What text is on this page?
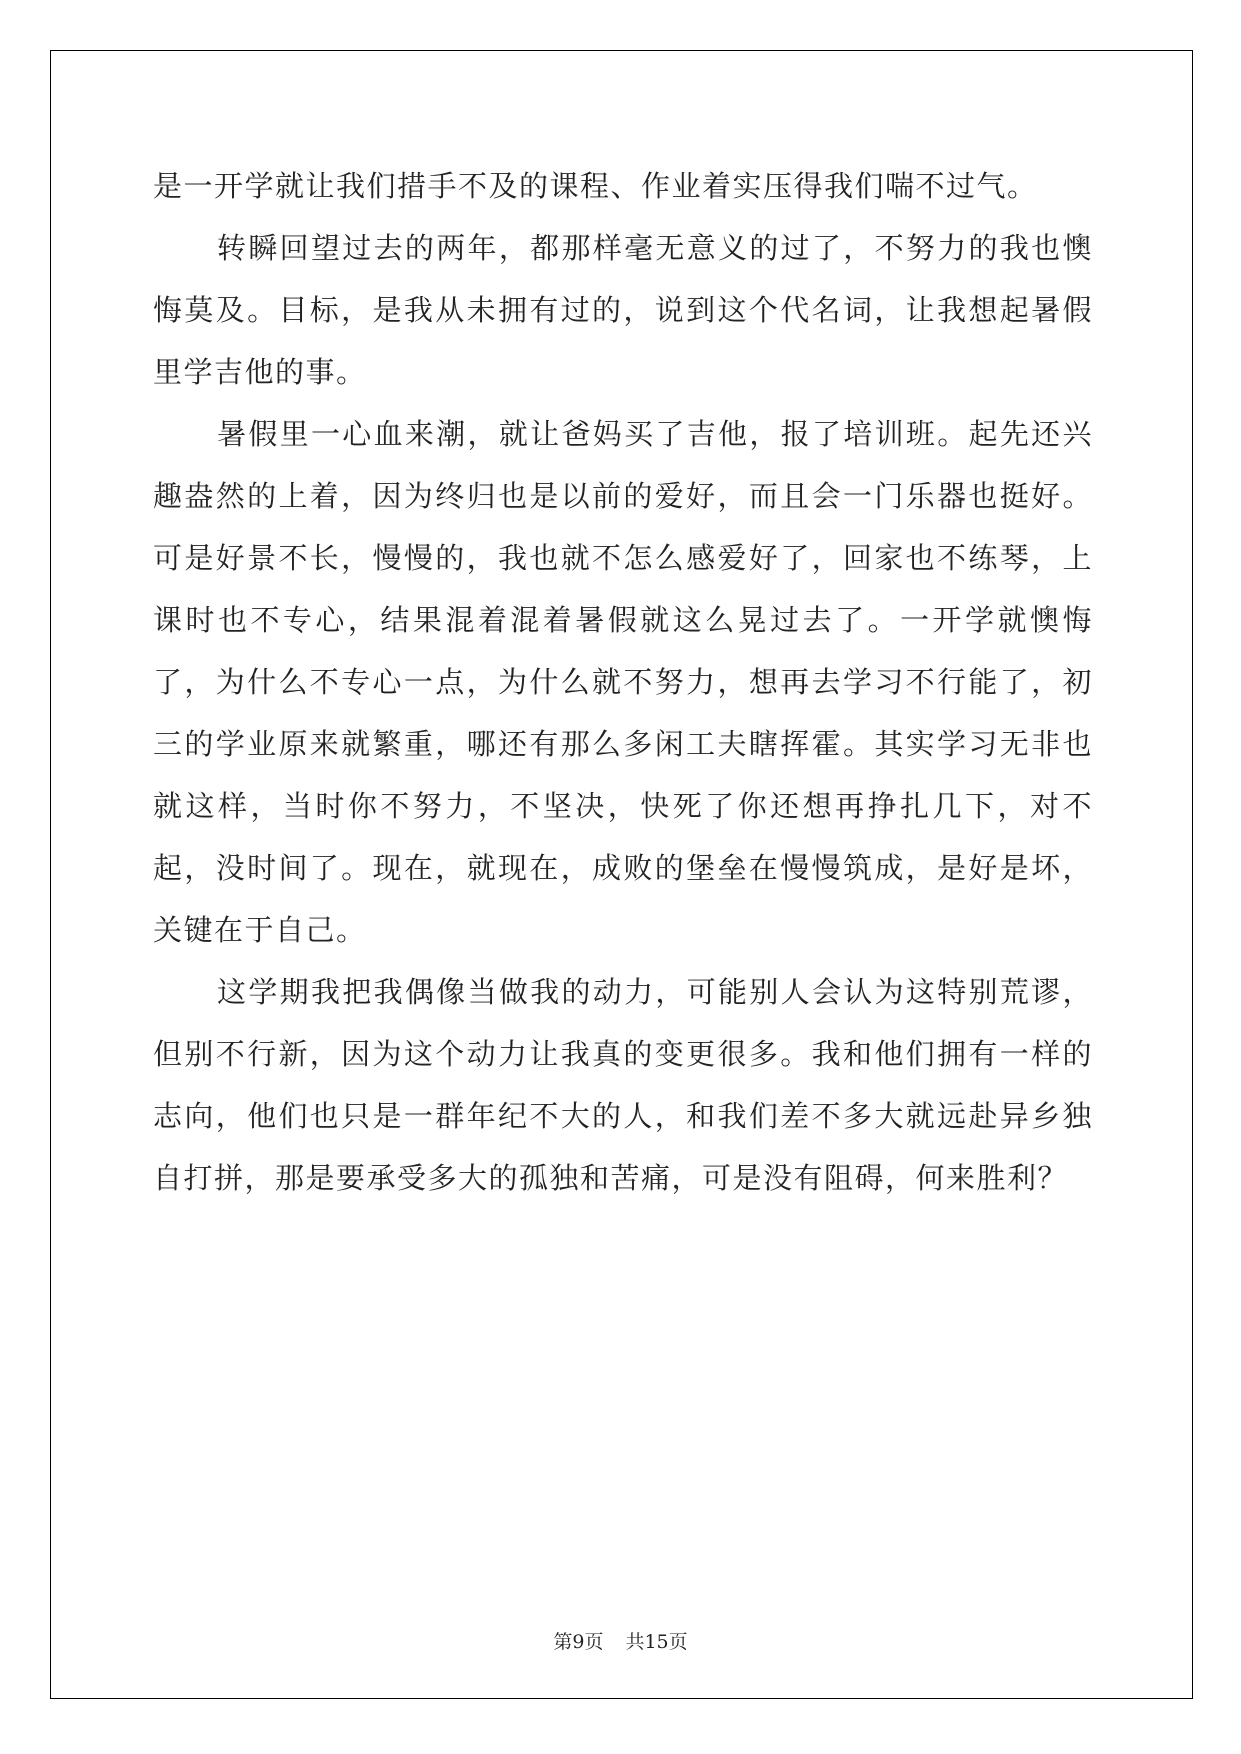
是一开学就让我们措手不及的课程、作业着实压得我们喘不过气。

转瞬回望过去的两年，都那样毫无意义的过了，不努力的我也懊悔莫及。目标，是我从未拥有过的，说到这个代名词，让我想起暑假里学吉他的事。

暑假里一心血来潮，就让爸妈买了吉他，报了培训班。起先还兴趣盎然的上着，因为终归也是以前的爱好，而且会一门乐器也挺好。可是好景不长，慢慢的，我也就不怎么感爱好了，回家也不练琴，上课时也不专心，结果混着混着暑假就这么晃过去了。一开学就懊悔了，为什么不专心一点，为什么就不努力，想再去学习不行能了，初三的学业原来就繁重，哪还有那么多闲工夫瞎挥霍。其实学习无非也就这样，当时你不努力，不坚决，快死了你还想再挣扎几下，对不起，没时间了。现在，就现在，成败的堡垒在慢慢筑成，是好是坏，关键在于自己。

这学期我把我偶像当做我的动力，可能别人会认为这特别荒谬，但别不行新，因为这个动力让我真的变更很多。我和他们拥有一样的志向，他们也只是一群年纪不大的人，和我们差不多大就远赴异乡独自打拼，那是要承受多大的孤独和苦痛，可是没有阻碍，何来胜利？

第9页 共15页
